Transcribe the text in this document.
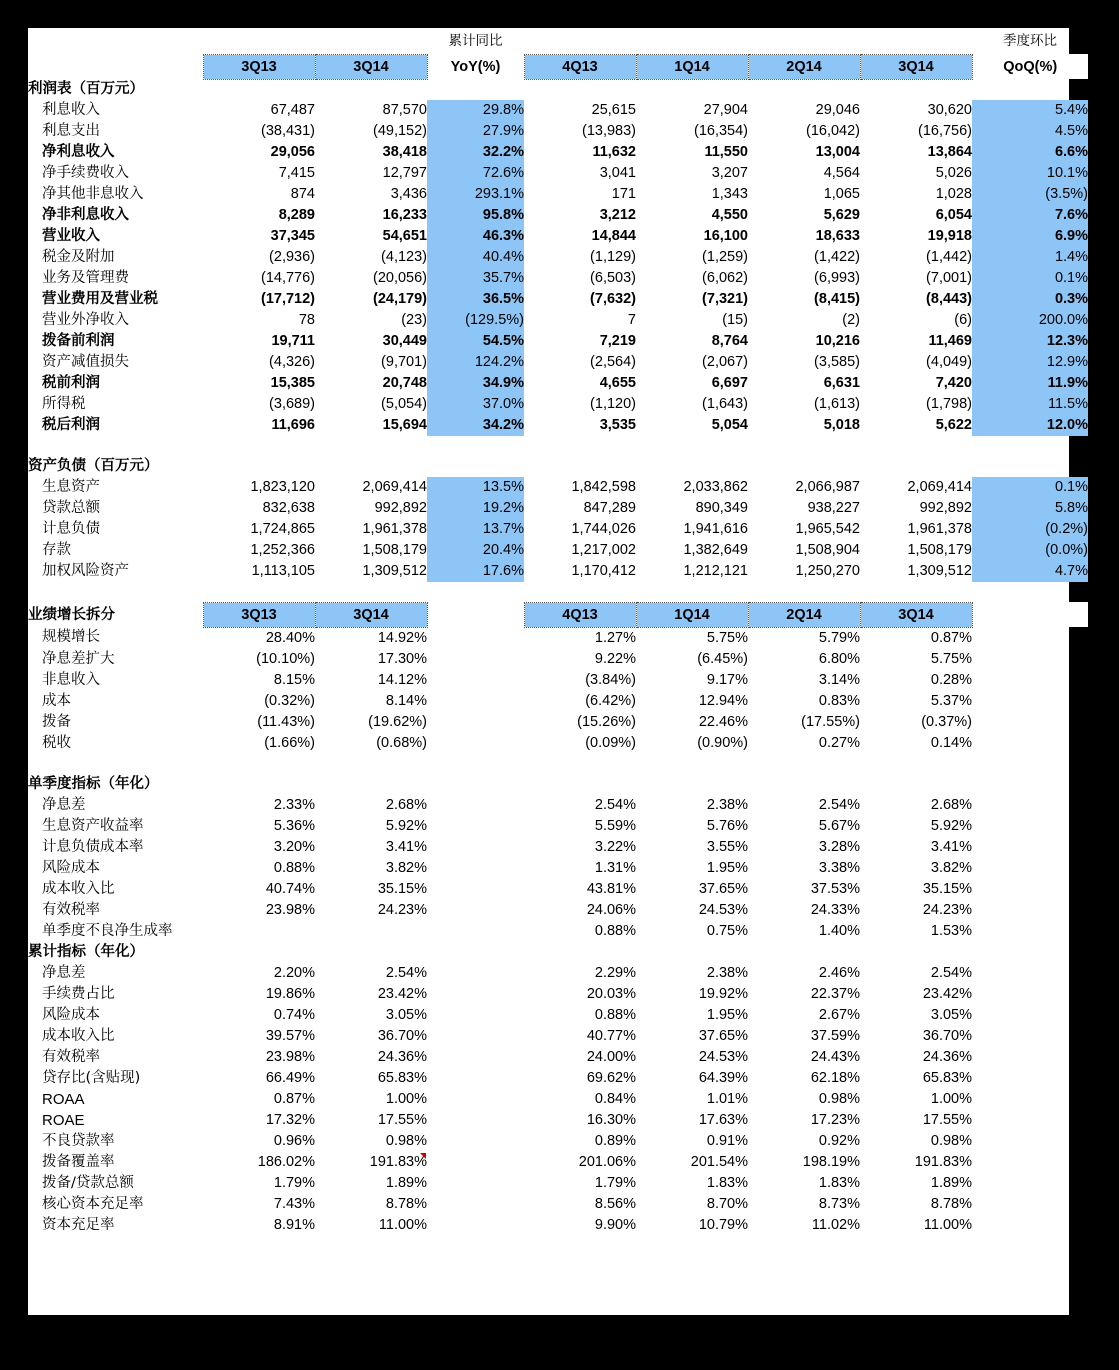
			累计同比					季度环比
	3Q13	3Q14	YoY(%)	4Q13	1Q14	2Q14	3Q14	QoQ(%)
利润表（百万元）								
利息收入	67,487	87,570	29.8%	25,615	27,904	29,046	30,620	5.4%
利息支出	(38,431)	(49,152)	27.9%	(13,983)	(16,354)	(16,042)	(16,756)	4.5%
净利息收入	29,056	38,418	32.2%	11,632	11,550	13,004	13,864	6.6%
净手续费收入	7,415	12,797	72.6%	3,041	3,207	4,564	5,026	10.1%
净其他非息收入	874	3,436	293.1%	171	1,343	1,065	1,028	(3.5%)
净非利息收入	8,289	16,233	95.8%	3,212	4,550	5,629	6,054	7.6%
营业收入	37,345	54,651	46.3%	14,844	16,100	18,633	19,918	6.9%
税金及附加	(2,936)	(4,123)	40.4%	(1,129)	(1,259)	(1,422)	(1,442)	1.4%
业务及管理费	(14,776)	(20,056)	35.7%	(6,503)	(6,062)	(6,993)	(7,001)	0.1%
营业费用及营业税	(17,712)	(24,179)	36.5%	(7,632)	(7,321)	(8,415)	(8,443)	0.3%
营业外净收入	78	(23)	(129.5%)	7	(15)	(2)	(6)	200.0%
拨备前利润	19,711	30,449	54.5%	7,219	8,764	10,216	11,469	12.3%
资产减值损失	(4,326)	(9,701)	124.2%	(2,564)	(2,067)	(3,585)	(4,049)	12.9%
税前利润	15,385	20,748	34.9%	4,655	6,697	6,631	7,420	11.9%
所得税	(3,689)	(5,054)	37.0%	(1,120)	(1,643)	(1,613)	(1,798)	11.5%
税后利润	11,696	15,694	34.2%	3,535	5,054	5,018	5,622	12.0%

资产负债（百万元）								
生息资产	1,823,120	2,069,414	13.5%	1,842,598	2,033,862	2,066,987	2,069,414	0.1%
贷款总额	832,638	992,892	19.2%	847,289	890,349	938,227	992,892	5.8%
计息负债	1,724,865	1,961,378	13.7%	1,744,026	1,941,616	1,965,542	1,961,378	(0.2%)
存款	1,252,366	1,508,179	20.4%	1,217,002	1,382,649	1,508,904	1,508,179	(0.0%)
加权风险资产	1,113,105	1,309,512	17.6%	1,170,412	1,212,121	1,250,270	1,309,512	4.7%

业绩增长拆分	3Q13	3Q14		4Q13	1Q14	2Q14	3Q14	
规模增长	28.40%	14.92%		1.27%	5.75%	5.79%	0.87%	
净息差扩大	(10.10%)	17.30%		9.22%	(6.45%)	6.80%	5.75%	
非息收入	8.15%	14.12%		(3.84%)	9.17%	3.14%	0.28%	
成本	(0.32%)	8.14%		(6.42%)	12.94%	0.83%	5.37%	
拨备	(11.43%)	(19.62%)		(15.26%)	22.46%	(17.55%)	(0.37%)	
税收	(1.66%)	(0.68%)		(0.09%)	(0.90%)	0.27%	0.14%	

单季度指标（年化）								
净息差	2.33%	2.68%		2.54%	2.38%	2.54%	2.68%	
生息资产收益率	5.36%	5.92%		5.59%	5.76%	5.67%	5.92%	
计息负债成本率	3.20%	3.41%		3.22%	3.55%	3.28%	3.41%	
风险成本	0.88%	3.82%		1.31%	1.95%	3.38%	3.82%	
成本收入比	40.74%	35.15%		43.81%	37.65%	37.53%	35.15%	
有效税率	23.98%	24.23%		24.06%	24.53%	24.33%	24.23%	
单季度不良净生成率				0.88%	0.75%	1.40%	1.53%	
累计指标（年化）								
净息差	2.20%	2.54%		2.29%	2.38%	2.46%	2.54%	
手续费占比	19.86%	23.42%		20.03%	19.92%	22.37%	23.42%	
风险成本	0.74%	3.05%		0.88%	1.95%	2.67%	3.05%	
成本收入比	39.57%	36.70%		40.77%	37.65%	37.59%	36.70%	
有效税率	23.98%	24.36%		24.00%	24.53%	24.43%	24.36%	
贷存比(含贴现)	66.49%	65.83%		69.62%	64.39%	62.18%	65.83%	
ROAA	0.87%	1.00%		0.84%	1.01%	0.98%	1.00%	
ROAE	17.32%	17.55%		16.30%	17.63%	17.23%	17.55%	
不良贷款率	0.96%	0.98%		0.89%	0.91%	0.92%	0.98%	
拨备覆盖率	186.02%	191.83%		201.06%	201.54%	198.19%	191.83%	
拨备/贷款总额	1.79%	1.89%		1.79%	1.83%	1.83%	1.89%	
核心资本充足率	7.43%	8.78%		8.56%	8.70%	8.73%	8.78%	
资本充足率	8.91%	11.00%		9.90%	10.79%	11.02%	11.00%	
